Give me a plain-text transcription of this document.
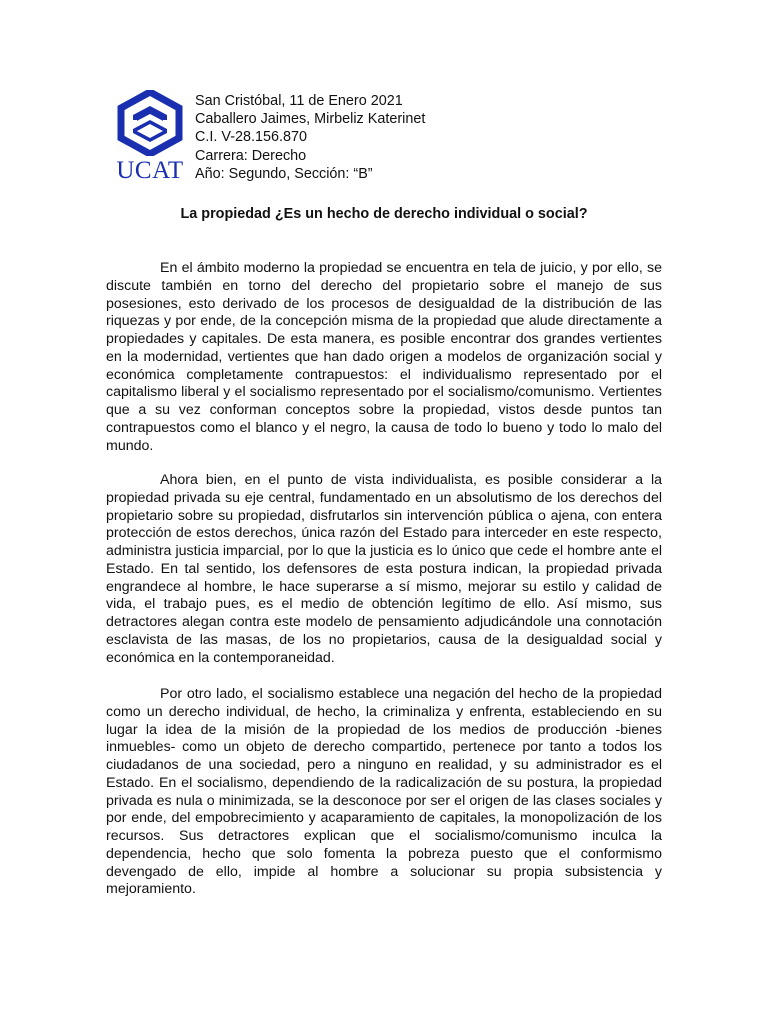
UCAT
San Cristóbal, 11 de Enero 2021
Caballero Jaimes, Mirbeliz Katerinet
C.I. V-28.156.870
Carrera: Derecho
Año: Segundo, Sección: “B”
La propiedad ¿Es un hecho de derecho individual o social?

En el ámbito moderno la propiedad se encuentra en tela de juicio, y por ello, se discute también en torno del derecho del propietario sobre el manejo de sus posesiones, esto derivado de los procesos de desigualdad de la distribución de las riquezas y por ende, de la concepción misma de la propiedad que alude directamente a propiedades y capitales. De esta manera, es posible encontrar dos grandes vertientes en la modernidad, vertientes que han dado origen a modelos de organización social y económica completamente contrapuestos: el individualismo representado por el capitalismo liberal y el socialismo representado por el socialismo/comunismo. Vertientes que a su vez conforman conceptos sobre la propiedad, vistos desde puntos tan contrapuestos como el blanco y el negro, la causa de todo lo bueno y todo lo malo del mundo.

Ahora bien, en el punto de vista individualista, es posible considerar a la propiedad privada su eje central, fundamentado en un absolutismo de los derechos del propietario sobre su propiedad, disfrutarlos sin intervención pública o ajena, con entera protección de estos derechos, única razón del Estado para interceder en este respecto, administra justicia imparcial, por lo que la justicia es lo único que cede el hombre ante el Estado. En tal sentido, los defensores de esta postura indican, la propiedad privada engrandece al hombre, le hace superarse a sí mismo, mejorar su estilo y calidad de vida, el trabajo pues, es el medio de obtención legítimo de ello. Así mismo, sus detractores alegan contra este modelo de pensamiento adjudicándole una connotación esclavista de las masas, de los no propietarios, causa de la desigualdad social y económica en la contemporaneidad.

Por otro lado, el socialismo establece una negación del hecho de la propiedad como un derecho individual, de hecho, la criminaliza y enfrenta, estableciendo en su lugar la idea de la misión de la propiedad de los medios de producción -bienes inmuebles- como un objeto de derecho compartido, pertenece por tanto a todos los ciudadanos de una sociedad, pero a ninguno en realidad, y su administrador es el Estado. En el socialismo, dependiendo de la radicalización de su postura, la propiedad privada es nula o minimizada, se la desconoce por ser el origen de las clases sociales y por ende, del empobrecimiento y acaparamiento de capitales, la monopolización de los recursos. Sus detractores explican que el socialismo/comunismo inculca la dependencia, hecho que solo fomenta la pobreza puesto que el conformismo devengado de ello, impide al hombre a solucionar su propia subsistencia y mejoramiento.
